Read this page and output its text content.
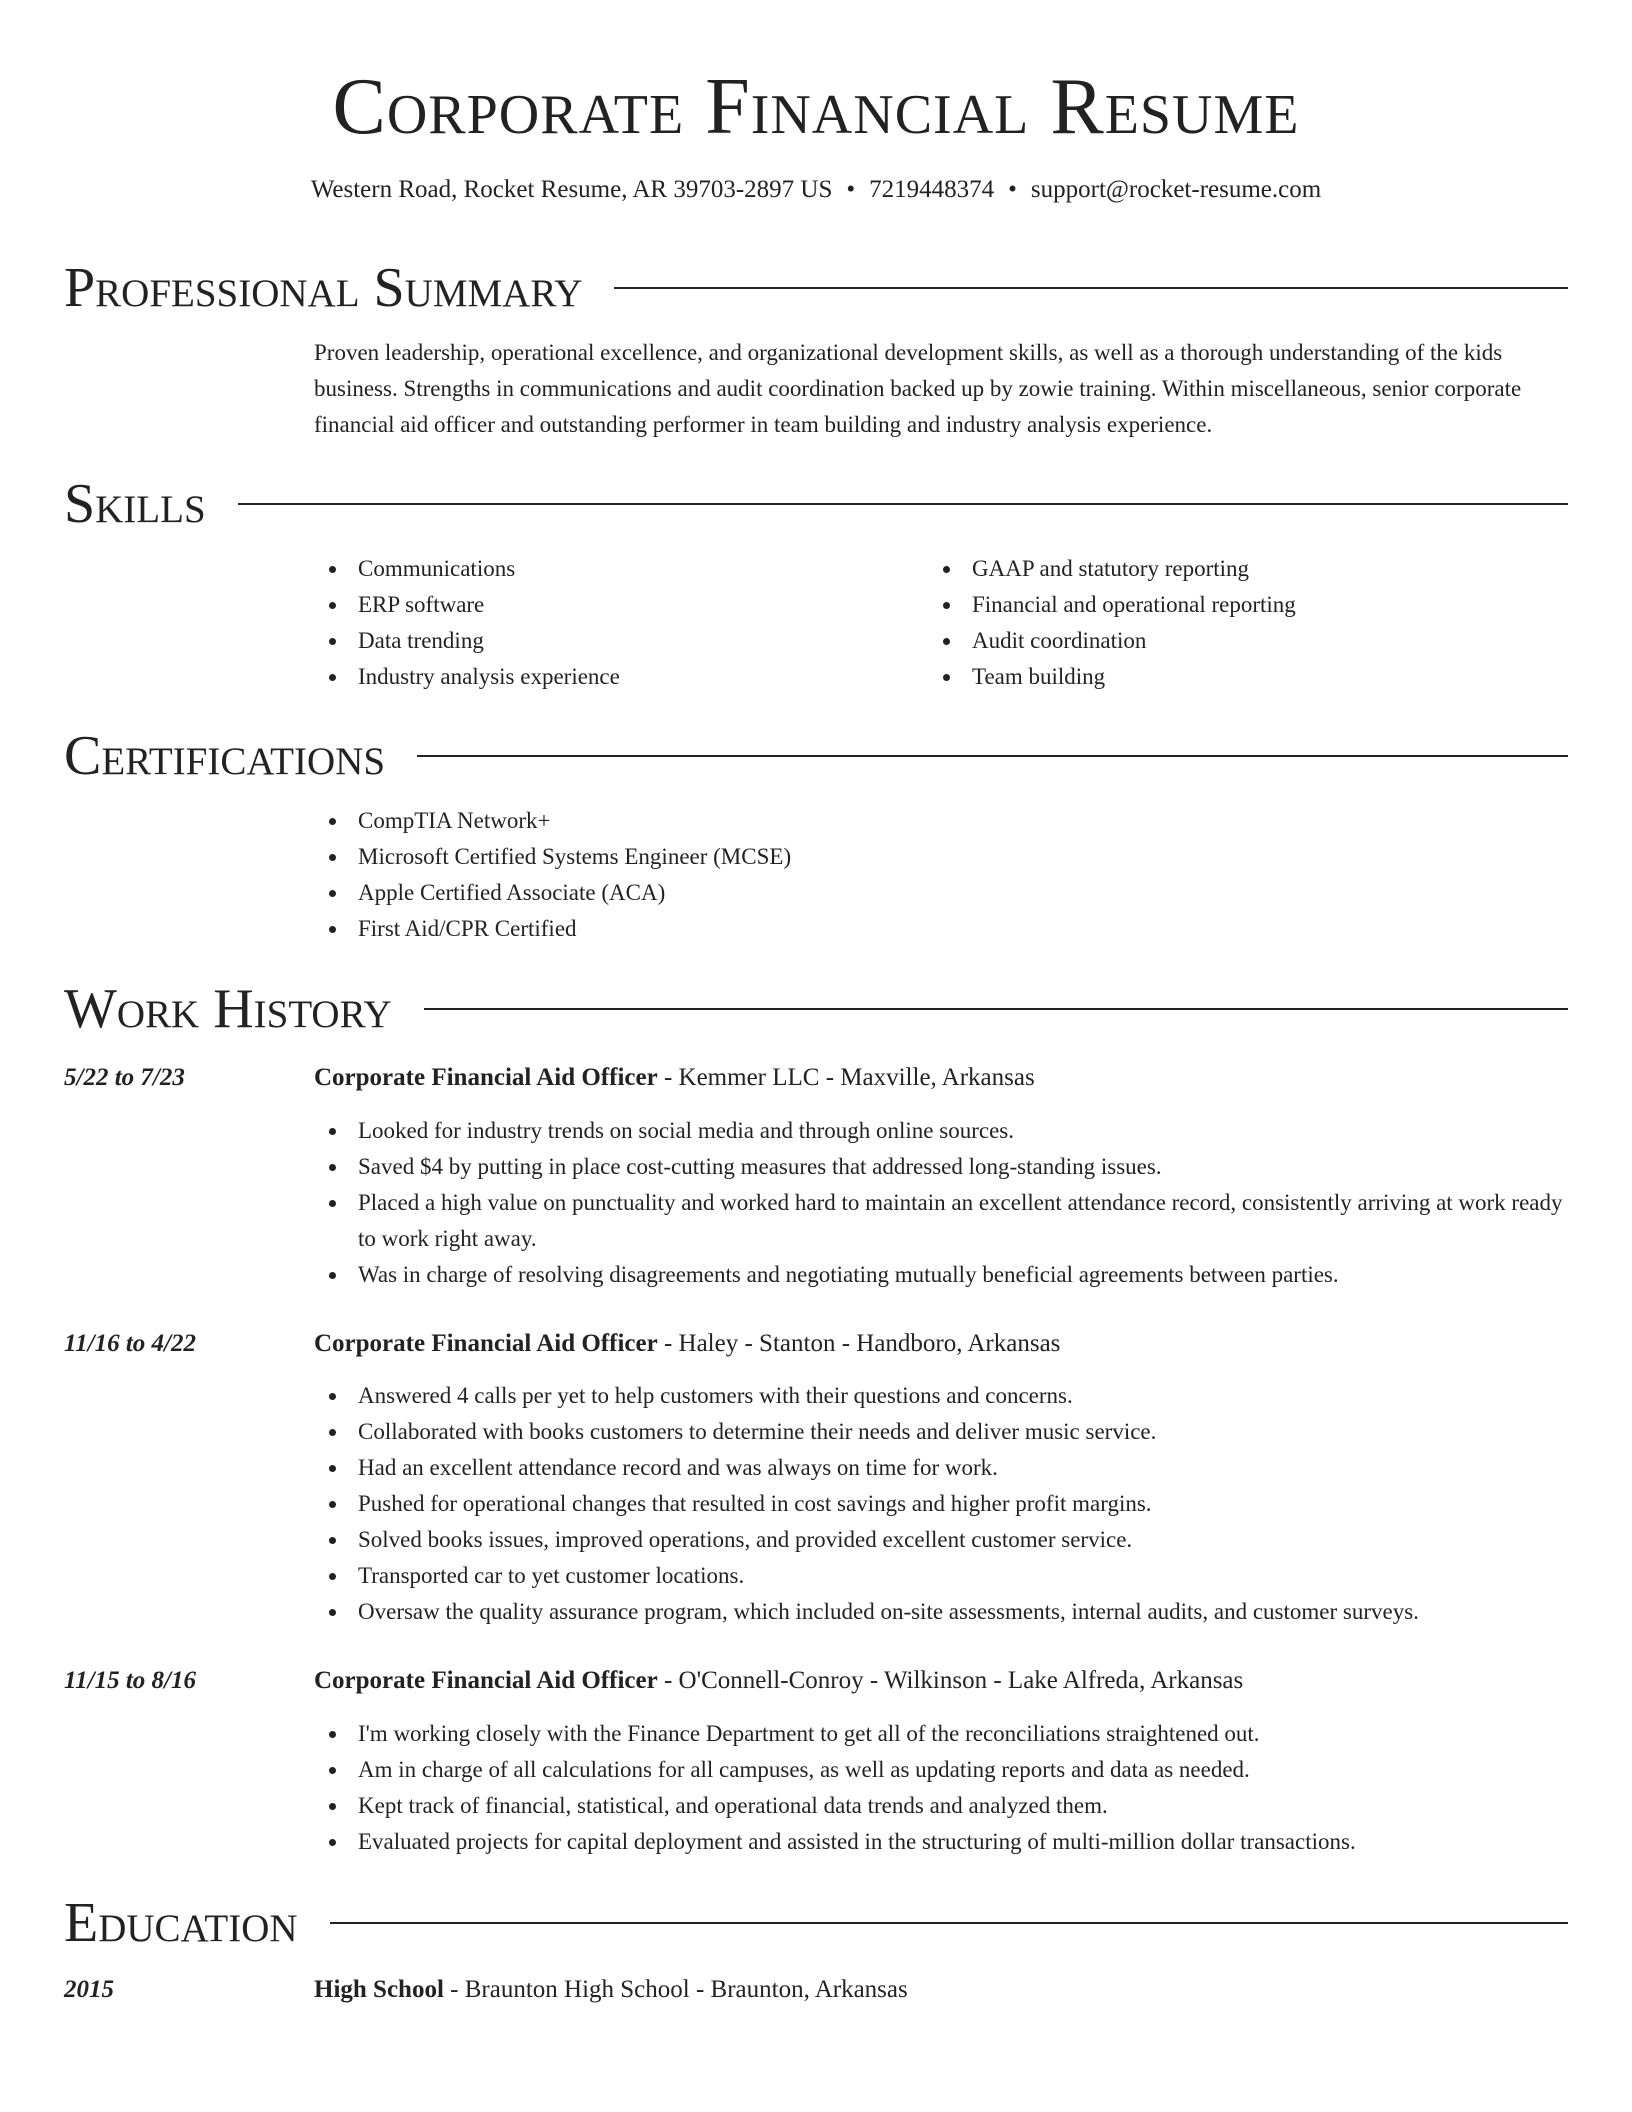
Corporate Financial Resume
Western Road, Rocket Resume, AR 39703-2897 US • 7219448374 • support@rocket-resume.com
Professional Summary

Proven leadership, operational excellence, and organizational development skills, as well as a thorough understanding of the kids business. Strengths in communications and audit coordination backed up by zowie training. Within miscellaneous, senior corporate financial aid officer and outstanding performer in team building and industry analysis experience.

Skills
Communications
ERP software
Data trending
Industry analysis experience
GAAP and statutory reporting
Financial and operational reporting
Audit coordination
Team building
Certifications
CompTIA Network+
Microsoft Certified Systems Engineer (MCSE)
Apple Certified Associate (ACA)
First Aid/CPR Certified
Work History
5/22 to 7/23	Corporate Financial Aid Officer - Kemmer LLC - Maxville, Arkansas
Looked for industry trends on social media and through online sources.
Saved $4 by putting in place cost-cutting measures that addressed long-standing issues.
Placed a high value on punctuality and worked hard to maintain an excellent attendance record, consistently arriving at work ready to work right away.
Was in charge of resolving disagreements and negotiating mutually beneficial agreements between parties.
11/16 to 4/22	Corporate Financial Aid Officer - Haley - Stanton - Handboro, Arkansas
Answered 4 calls per yet to help customers with their questions and concerns.
Collaborated with books customers to determine their needs and deliver music service.
Had an excellent attendance record and was always on time for work.
Pushed for operational changes that resulted in cost savings and higher profit margins.
Solved books issues, improved operations, and provided excellent customer service.
Transported car to yet customer locations.
Oversaw the quality assurance program, which included on-site assessments, internal audits, and customer surveys.
11/15 to 8/16	Corporate Financial Aid Officer - O'Connell-Conroy - Wilkinson - Lake Alfreda, Arkansas
I'm working closely with the Finance Department to get all of the reconciliations straightened out.
Am in charge of all calculations for all campuses, as well as updating reports and data as needed.
Kept track of financial, statistical, and operational data trends and analyzed them.
Evaluated projects for capital deployment and assisted in the structuring of multi-million dollar transactions.
Education
2015	High School - Braunton High School - Braunton, Arkansas
